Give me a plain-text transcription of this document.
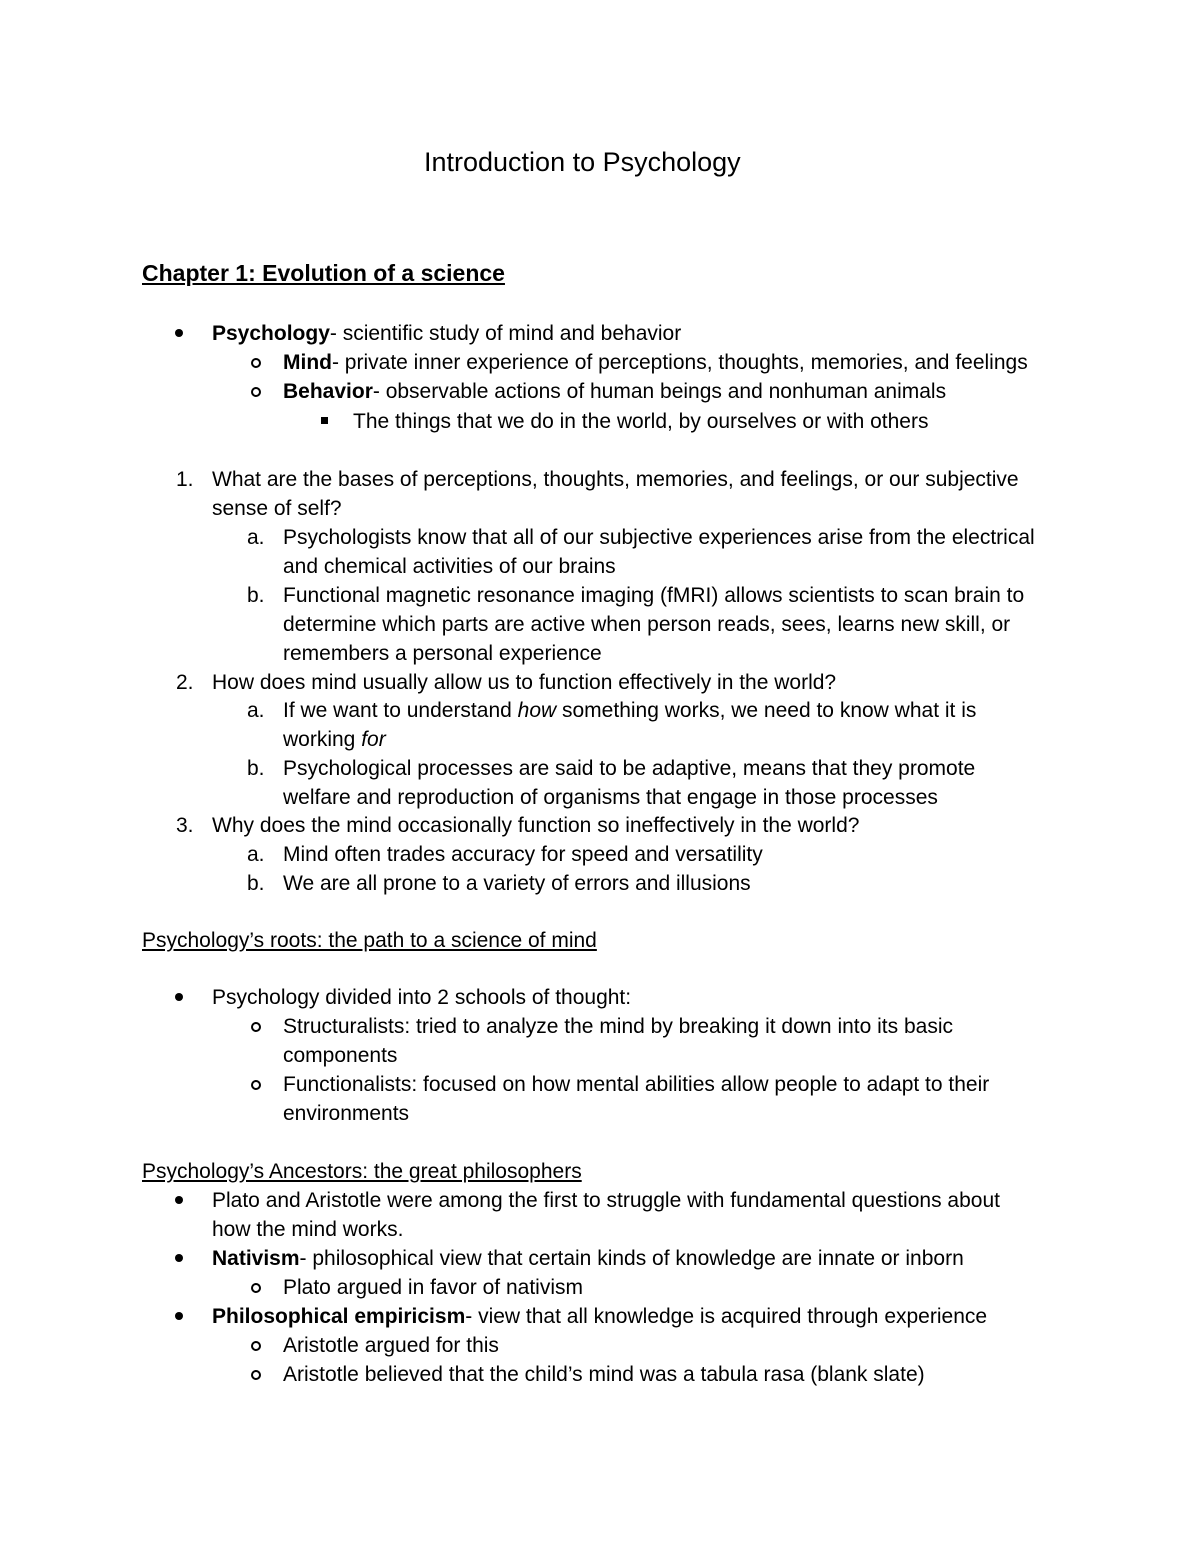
Introduction to Psychology
Chapter 1: Evolution of a science
Psychology- scientific study of mind and behavior
Mind- private inner experience of perceptions, thoughts, memories, and feelings
Behavior- observable actions of human beings and nonhuman animals
The things that we do in the world, by ourselves or with others
1. What are the bases of perceptions, thoughts, memories, and feelings, or our subjective
sense of self?
a. Psychologists know that all of our subjective experiences arise from the electrical
and chemical activities of our brains
b. Functional magnetic resonance imaging (fMRI) allows scientists to scan brain to
determine which parts are active when person reads, sees, learns new skill, or
remembers a personal experience
2. How does mind usually allow us to function effectively in the world?
a. If we want to understand how something works, we need to know what it is
working for
b. Psychological processes are said to be adaptive, means that they promote
welfare and reproduction of organisms that engage in those processes
3. Why does the mind occasionally function so ineffectively in the world?
a. Mind often trades accuracy for speed and versatility
b. We are all prone to a variety of errors and illusions
Psychology’s roots: the path to a science of mind
Psychology divided into 2 schools of thought:
Structuralists: tried to analyze the mind by breaking it down into its basic
components
Functionalists: focused on how mental abilities allow people to adapt to their
environments
Psychology’s Ancestors: the great philosophers
Plato and Aristotle were among the first to struggle with fundamental questions about
how the mind works.
Nativism- philosophical view that certain kinds of knowledge are innate or inborn
Plato argued in favor of nativism
Philosophical empiricism- view that all knowledge is acquired through experience
Aristotle argued for this
Aristotle believed that the child’s mind was a tabula rasa (blank slate)
